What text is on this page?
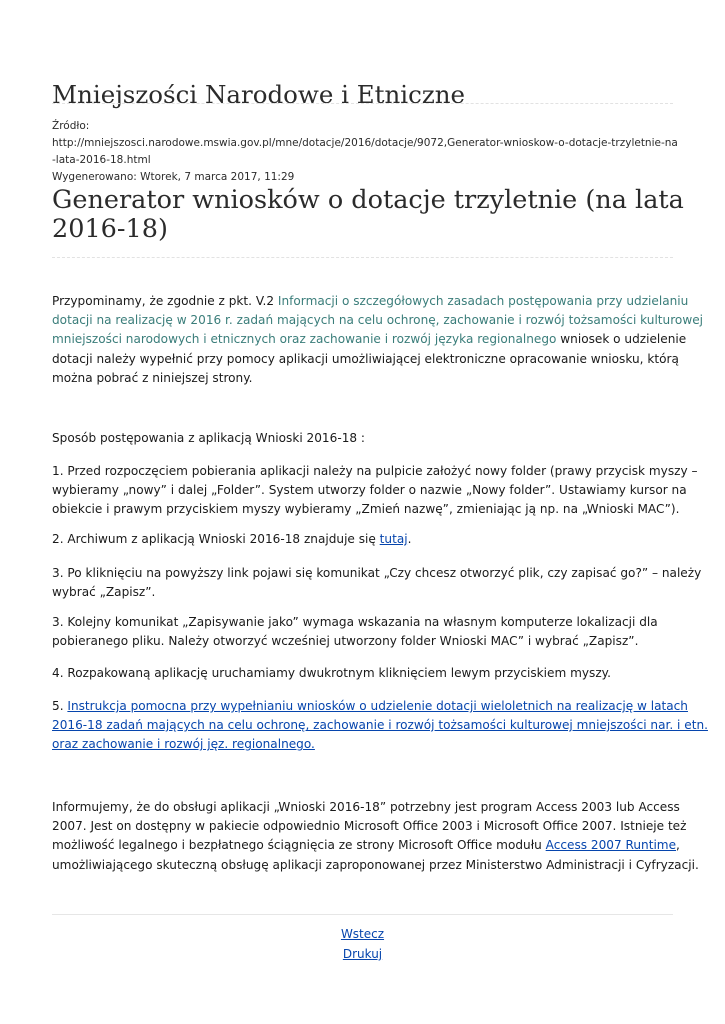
Mniejszości Narodowe i Etniczne
Źródło:
http://mniejszosci.narodowe.mswia.gov.pl/mne/dotacje/2016/dotacje/9072,Generator-wnioskow-o-dotacje-trzyletnie-na
-lata-2016-18.html
Wygenerowano: Wtorek, 7 marca 2017, 11:29
Generator wniosków o dotacje trzyletnie (na lata
2016-18)

Przypominamy, że zgodnie z pkt. V.2 Informacji o szczegółowych zasadach postępowania przy udzielaniu
dotacji na realizację w 2016 r. zadań mających na celu ochronę, zachowanie i rozwój tożsamości kulturowej
mniejszości narodowych i etnicznych oraz zachowanie i rozwój języka regionalnego wniosek o udzielenie
dotacji należy wypełnić przy pomocy aplikacji umożliwiającej elektroniczne opracowanie wniosku, którą
można pobrać z niniejszej strony.

Sposób postępowania z aplikacją Wnioski 2016-18 :

1. Przed rozpoczęciem pobierania aplikacji należy na pulpicie założyć nowy folder (prawy przycisk myszy –
wybieramy „nowy” i dalej „Folder”. System utworzy folder o nazwie „Nowy folder”. Ustawiamy kursor na
obiekcie i prawym przyciskiem myszy wybieramy „Zmień nazwę”, zmieniając ją np. na „Wnioski MAC”).

2. Archiwum z aplikacją Wnioski 2016-18 znajduje się tutaj.

3. Po kliknięciu na powyższy link pojawi się komunikat „Czy chcesz otworzyć plik, czy zapisać go?” – należy
wybrać „Zapisz”.

3. Kolejny komunikat „Zapisywanie jako” wymaga wskazania na własnym komputerze lokalizacji dla
pobieranego pliku. Należy otworzyć wcześniej utworzony folder Wnioski MAC” i wybrać „Zapisz”.

4. Rozpakowaną aplikację uruchamiamy dwukrotnym kliknięciem lewym przyciskiem myszy.

5. Instrukcja pomocna przy wypełnianiu wniosków o udzielenie dotacji wieloletnich na realizację w latach
2016-18 zadań mających na celu ochronę, zachowanie i rozwój tożsamości kulturowej mniejszości nar. i etn.
oraz zachowanie i rozwój jęz. regionalnego.

Informujemy, że do obsługi aplikacji „Wnioski 2016-18” potrzebny jest program Access 2003 lub Access
2007. Jest on dostępny w pakiecie odpowiednio Microsoft Office 2003 i Microsoft Office 2007. Istnieje też
możliwość legalnego i bezpłatnego ściągnięcia ze strony Microsoft Office modułu Access 2007 Runtime,
umożliwiającego skuteczną obsługę aplikacji zaproponowanej przez Ministerstwo Administracji i Cyfryzacji.

Wstecz
Drukuj
